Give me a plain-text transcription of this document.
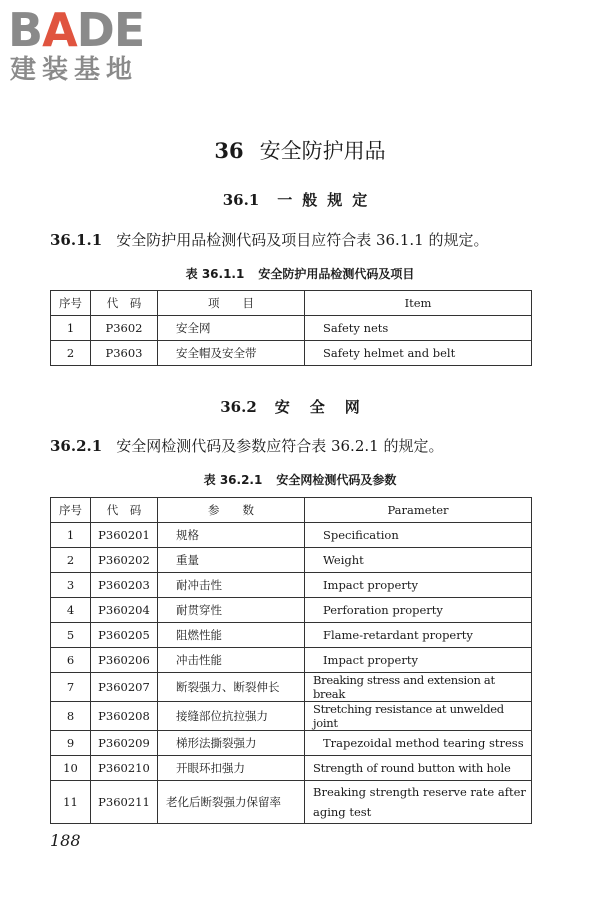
BADE
建装基地
36 安全防护用品
36.1 一般规定
36.1.1 安全防护用品检测代码及项目应符合表 36.1.1 的规定。
表 36.1.1 安全防护用品检测代码及项目
序号	代　码	项　　目	Item
1	P3602	安全网	Safety nets
2	P3603	安全帽及安全带	Safety helmet and belt
36.2 安全网
36.2.1 安全网检测代码及参数应符合表 36.2.1 的规定。
表 36.2.1 安全网检测代码及参数
序号	代　码	参　　数	Parameter
1	P360201	规格	Specification
2	P360202	重量	Weight
3	P360203	耐冲击性	Impact property
4	P360204	耐贯穿性	Perforation property
5	P360205	阻燃性能	Flame-retardant property
6	P360206	冲击性能	Impact property
7	P360207	断裂强力、断裂伸长	Breaking stress and extension at break
8	P360208	接缝部位抗拉强力	Stretching resistance at unwelded joint
9	P360209	梯形法撕裂强力	Trapezoidal method tearing stress
10	P360210	开眼环扣强力	Strength of round button with hole
11	P360211	老化后断裂强力保留率	Breaking strength reserve rate after aging test
188
